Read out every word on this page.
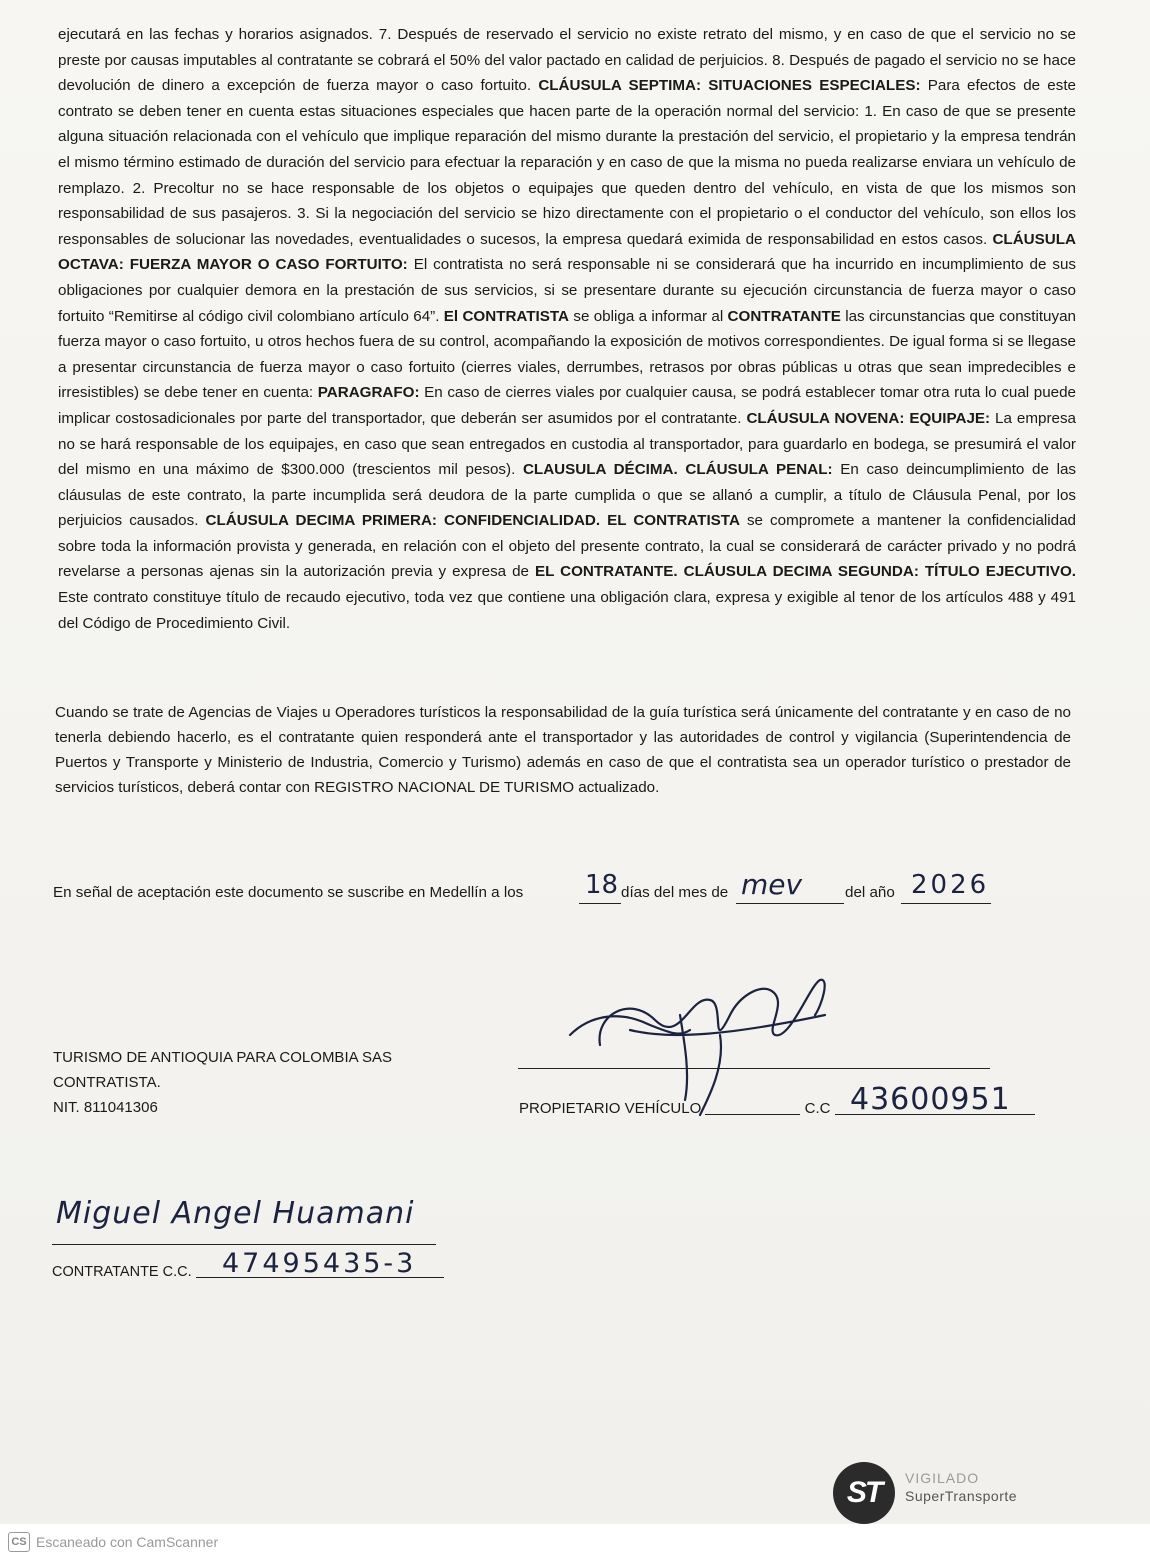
ejecutará en las fechas y horarios asignados. 7. Después de reservado el servicio no existe retrato del mismo, y en caso de que el servicio no se preste por causas imputables al contratante se cobrará el 50% del valor pactado en calidad de perjuicios. 8. Después de pagado el servicio no se hace devolución de dinero a excepción de fuerza mayor o caso fortuito. CLÁUSULA SEPTIMA: SITUACIONES ESPECIALES: Para efectos de este contrato se deben tener en cuenta estas situaciones especiales que hacen parte de la operación normal del servicio: 1. En caso de que se presente alguna situación relacionada con el vehículo que implique reparación del mismo durante la prestación del servicio, el propietario y la empresa tendrán el mismo término estimado de duración del servicio para efectuar la reparación y en caso de que la misma no pueda realizarse enviara un vehículo de remplazo. 2. Precoltur no se hace responsable de los objetos o equipajes que queden dentro del vehículo, en vista de que los mismos son responsabilidad de sus pasajeros. 3. Si la negociación del servicio se hizo directamente con el propietario o el conductor del vehículo, son ellos los responsables de solucionar las novedades, eventualidades o sucesos, la empresa quedará eximida de responsabilidad en estos casos. CLÁUSULA OCTAVA: FUERZA MAYOR O CASO FORTUITO: El contratista no será responsable ni se considerará que ha incurrido en incumplimiento de sus obligaciones por cualquier demora en la prestación de sus servicios, si se presentare durante su ejecución circunstancia de fuerza mayor o caso fortuito “Remitirse al código civil colombiano artículo 64”. El CONTRATISTA se obliga a informar al CONTRATANTE las circunstancias que constituyan fuerza mayor o caso fortuito, u otros hechos fuera de su control, acompañando la exposición de motivos correspondientes. De igual forma si se llegase a presentar circunstancia de fuerza mayor o caso fortuito (cierres viales, derrumbes, retrasos por obras públicas u otras que sean impredecibles e irresistibles) se debe tener en cuenta: PARAGRAFO: En caso de cierres viales por cualquier causa, se podrá establecer tomar otra ruta lo cual puede implicar costosadicionales por parte del transportador, que deberán ser asumidos por el contratante. CLÁUSULA NOVENA: EQUIPAJE: La empresa no se hará responsable de los equipajes, en caso que sean entregados en custodia al transportador, para guardarlo en bodega, se presumirá el valor del mismo en una máximo de $300.000 (trescientos mil pesos). CLAUSULA DÉCIMA. CLÁUSULA PENAL: En caso deincumplimiento de las cláusulas de este contrato, la parte incumplida será deudora de la parte cumplida o que se allanó a cumplir, a título de Cláusula Penal, por los perjuicios causados. CLÁUSULA DECIMA PRIMERA: CONFIDENCIALIDAD. EL CONTRATISTA se compromete a mantener la confidencialidad sobre toda la información provista y generada, en relación con el objeto del presente contrato, la cual se considerará de carácter privado y no podrá revelarse a personas ajenas sin la autorización previa y expresa de EL CONTRATANTE. CLÁUSULA DECIMA SEGUNDA: TÍTULO EJECUTIVO. Este contrato constituye título de recaudo ejecutivo, toda vez que contiene una obligación clara, expresa y exigible al tenor de los artículos 488 y 491 del Código de Procedimiento Civil.

Cuando se trate de Agencias de Viajes u Operadores turísticos la responsabilidad de la guía turística será únicamente del contratante y en caso de no tenerla debiendo hacerlo, es el contratante quien responderá ante el transportador y las autoridades de control y vigilancia (Superintendencia de Puertos y Transporte y Ministerio de Industria, Comercio y Turismo) además en caso de que el contratista sea un operador turístico o prestador de servicios turísticos, deberá contar con REGISTRO NACIONAL DE TURISMO actualizado.

En señal de aceptación este documento se suscribe en Medellín a los 18 días del mes de mev	del año 2026
TURISMO DE ANTIOQUIA PARA COLOMBIA SAS
CONTRATISTA.
NIT. 811041306	PROPIETARIO VEHÍCULO	C.C 43600951
Miguel Angel Huamani
CONTRATANTE C.C.	47495435-3
ST	VIGILADO
SuperTransporte
CS Escaneado con CamScanner
